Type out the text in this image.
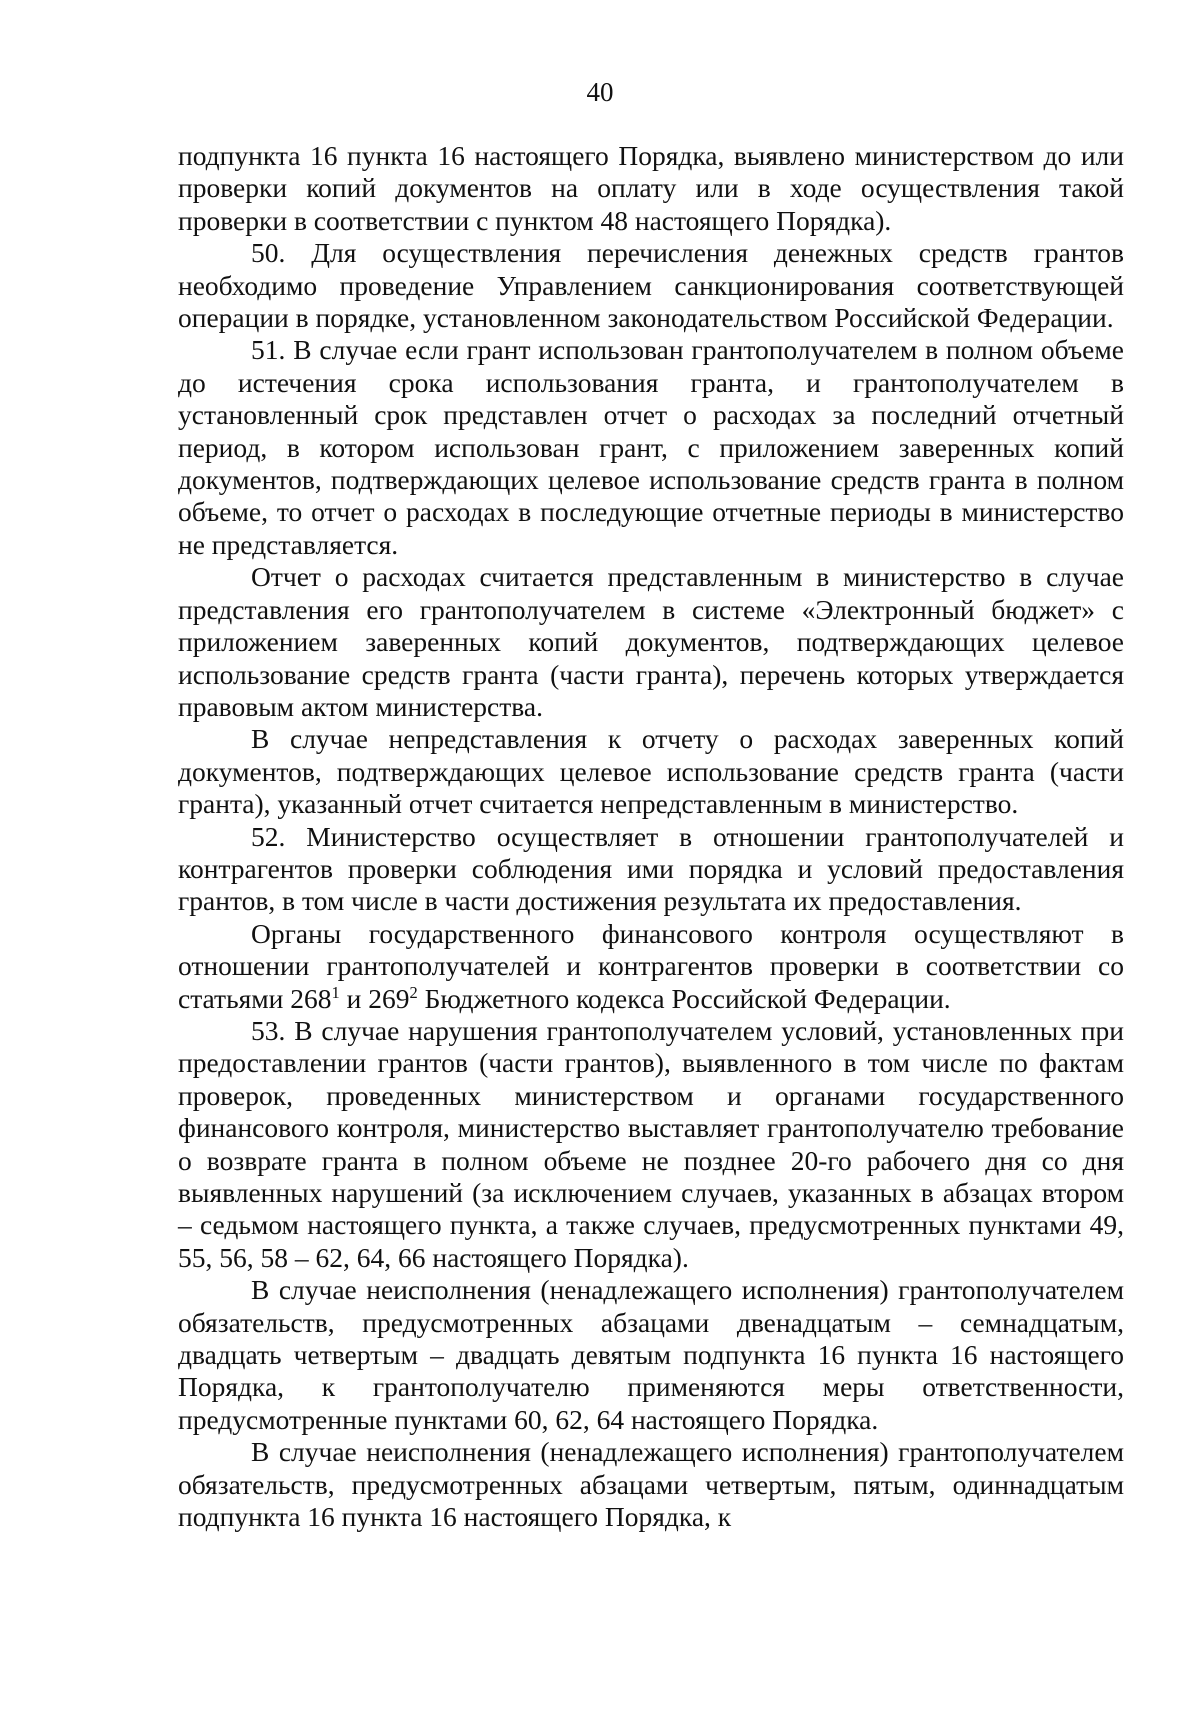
40

подпункта 16 пункта 16 настоящего Порядка, выявлено министерством до или проверки копий документов на оплату или в ходе осуществления такой проверки в соответствии с пунктом 48 настоящего Порядка).

50. Для осуществления перечисления денежных средств грантов необходимо проведение Управлением санкционирования соответствующей операции в порядке, установленном законодательством Российской Федерации.

51. В случае если грант использован грантополучателем в полном объеме до истечения срока использования гранта, и грантополучателем в установленный срок представлен отчет о расходах за последний отчетный период, в котором использован грант, с приложением заверенных копий документов, подтверждающих целевое использование средств гранта в полном объеме, то отчет о расходах в последующие отчетные периоды в министерство не представляется.

Отчет о расходах считается представленным в министерство в случае представления его грантополучателем в системе «Электронный бюджет» с приложением заверенных копий документов, подтверждающих целевое использование средств гранта (части гранта), перечень которых утверждается правовым актом министерства.

В случае непредставления к отчету о расходах заверенных копий документов, подтверждающих целевое использование средств гранта (части гранта), указанный отчет считается непредставленным в министерство.

52. Министерство осуществляет в отношении грантополучателей и контрагентов проверки соблюдения ими порядка и условий предоставления грантов, в том числе в части достижения результата их предоставления.

Органы государственного финансового контроля осуществляют в отношении грантополучателей и контрагентов проверки в соответствии со статьями $268^1$ и $269^2$ Бюджетного кодекса Российской Федерации.

53. В случае нарушения грантополучателем условий, установленных при предоставлении грантов (части грантов), выявленного в том числе по фактам проверок, проведенных министерством и органами государственного финансового контроля, министерство выставляет грантополучателю требование о возврате гранта в полном объеме не позднее 20-го рабочего дня со дня выявленных нарушений (за исключением случаев, указанных в абзацах втором – седьмом настоящего пункта, а также случаев, предусмотренных пунктами 49, 55, 56, 58 – 62, 64, 66 настоящего Порядка).

В случае неисполнения (ненадлежащего исполнения) грантополучателем обязательств, предусмотренных абзацами двенадцатым – семнадцатым, двадцать четвертым – двадцать девятым подпункта 16 пункта 16 настоящего Порядка, к грантополучателю применяются меры ответственности, предусмотренные пунктами 60, 62, 64 настоящего Порядка.

В случае неисполнения (ненадлежащего исполнения) грантополучателем обязательств, предусмотренных абзацами четвертым, пятым, одиннадцатым подпункта 16 пункта 16 настоящего Порядка, к
